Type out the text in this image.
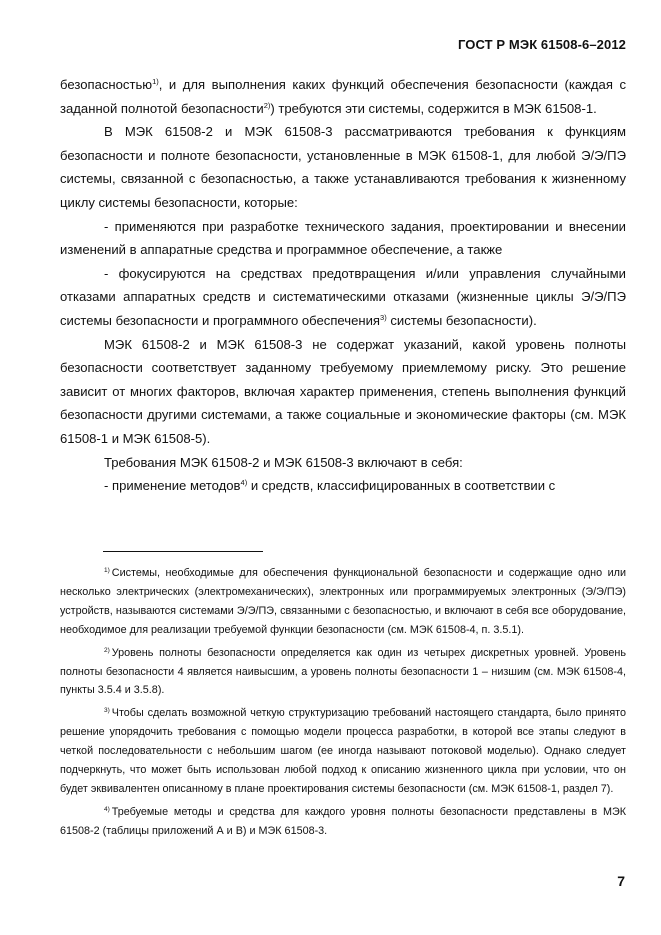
ГОСТ Р МЭК 61508-6–2012

безопасностью$^{1)}$, и для выполнения каких функций обеспечения безопасности (каждая с заданной полнотой безопасности$^{2)}$) требуются эти системы, содержится в МЭК 61508-1.

В МЭК 61508-2 и МЭК 61508-3 рассматриваются требования к функциям безопасности и полноте безопасности, установленные в МЭК 61508-1, для любой Э/Э/ПЭ системы, связанной с безопасностью, а также устанавливаются требования к жизненному циклу системы безопасности, которые:

- применяются при разработке технического задания, проектировании и внесении изменений в аппаратные средства и программное обеспечение, а также

- фокусируются на средствах предотвращения и/или управления случайными отказами аппаратных средств и систематическими отказами (жизненные циклы Э/Э/ПЭ системы безопасности и программного обеспечения$^{3)}$ системы безопасности).

МЭК 61508-2 и МЭК 61508-3 не содержат указаний, какой уровень полноты безопасности соответствует заданному требуемому приемлемому риску. Это решение зависит от многих факторов, включая характер применения, степень выполнения функций безопасности другими системами, а также социальные и экономические факторы (см. МЭК 61508-1 и МЭК 61508-5).

Требования МЭК 61508-2 и МЭК 61508-3 включают в себя:

- применение методов$^{4)}$ и средств, классифицированных в соответствии с

$^{1)}$ Системы, необходимые для обеспечения функциональной безопасности и содержащие одно или несколько электрических (электромеханических), электронных или программируемых электронных (Э/Э/ПЭ) устройств, называются системами Э/Э/ПЭ, связанными с безопасностью, и включают в себя все оборудование, необходимое для реализации требуемой функции безопасности (см. МЭК 61508-4, п. 3.5.1).

$^{2)}$ Уровень полноты безопасности определяется как один из четырех дискретных уровней. Уровень полноты безопасности 4 является наивысшим, а уровень полноты безопасности 1 – низшим (см. МЭК 61508-4, пункты 3.5.4 и 3.5.8).

$^{3)}$ Чтобы сделать возможной четкую структуризацию требований настоящего стандарта, было принято решение упорядочить требования с помощью модели процесса разработки, в которой все этапы следуют в четкой последовательности с небольшим шагом (ее иногда называют потоковой моделью). Однако следует подчеркнуть, что может быть использован любой подход к описанию жизненного цикла при условии, что он будет эквивалентен описанному в плане проектирования системы безопасности (см. МЭК 61508-1, раздел 7).

$^{4)}$ Требуемые методы и средства для каждого уровня полноты безопасности представлены в МЭК 61508-2 (таблицы приложений А и В) и МЭК 61508-3.

7
